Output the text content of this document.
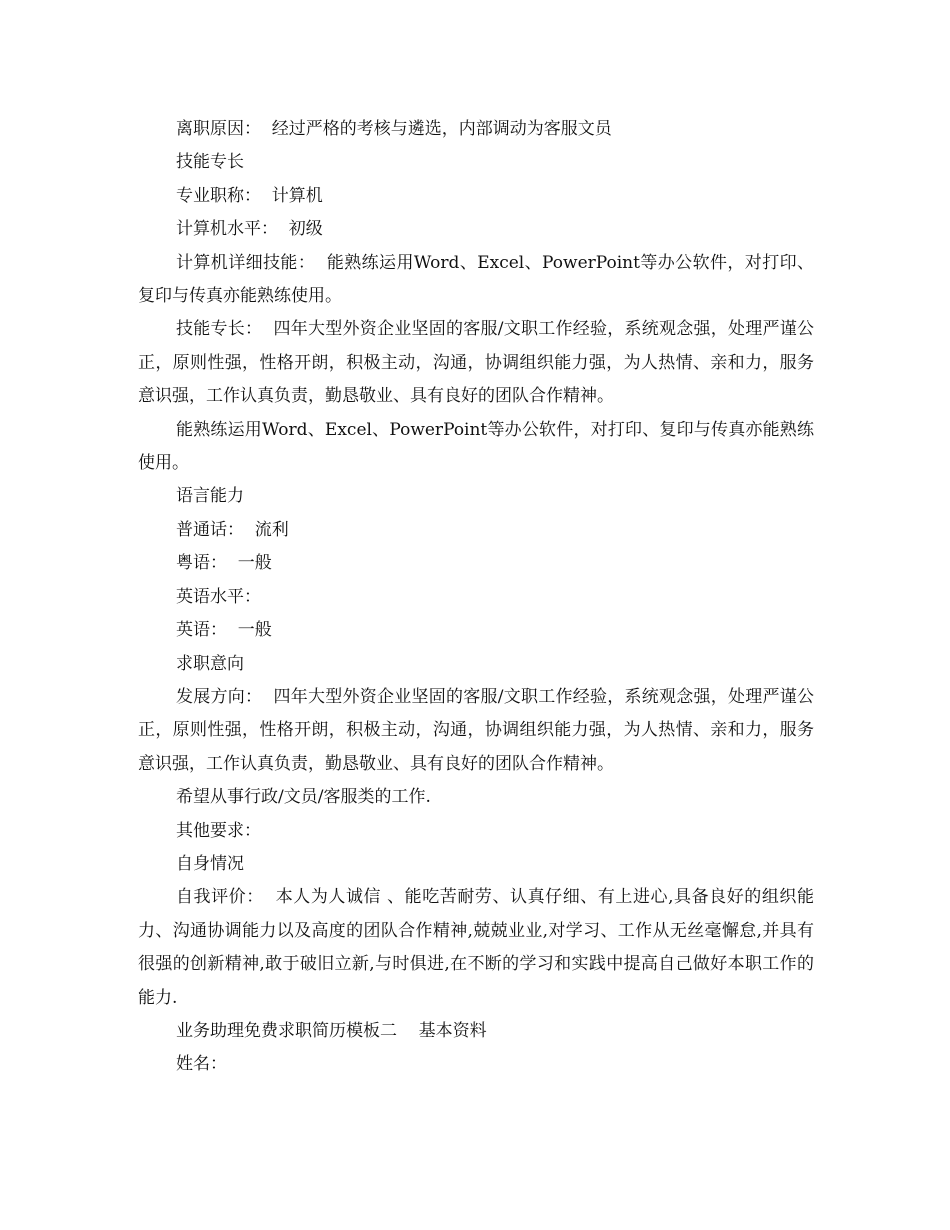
离职原因：  经过严格的考核与遴选，内部调动为客服文员

技能专长

专业职称：  计算机

计算机水平：  初级

计算机详细技能：  能熟练运用Word、Excel、PowerPoint等办公软件，对打印、复印与传真亦能熟练使用。

技能专长：  四年大型外资企业坚固的客服/文职工作经验，系统观念强，处理严谨公正，原则性强，性格开朗，积极主动，沟通，协调组织能力强，为人热情、亲和力，服务意识强，工作认真负责，勤恳敬业、具有良好的团队合作精神。

能熟练运用Word、Excel、PowerPoint等办公软件，对打印、复印与传真亦能熟练使用。

语言能力

普通话：  流利

粤语：  一般

英语水平：

英语：  一般

求职意向

发展方向：  四年大型外资企业坚固的客服/文职工作经验，系统观念强，处理严谨公正，原则性强，性格开朗，积极主动，沟通，协调组织能力强，为人热情、亲和力，服务意识强，工作认真负责，勤恳敬业、具有良好的团队合作精神。

希望从事行政/文员/客服类的工作.

其他要求：

自身情况

自我评价：  本人为人诚信 、能吃苦耐劳、认真仔细、有上进心,具备良好的组织能力、沟通协调能力以及高度的团队合作精神,兢兢业业,对学习、工作从无丝毫懈怠,并具有很强的创新精神,敢于破旧立新,与时俱进,在不断的学习和实践中提高自己做好本职工作的能力.

业务助理免费求职简历模板二    基本资料

姓名：
